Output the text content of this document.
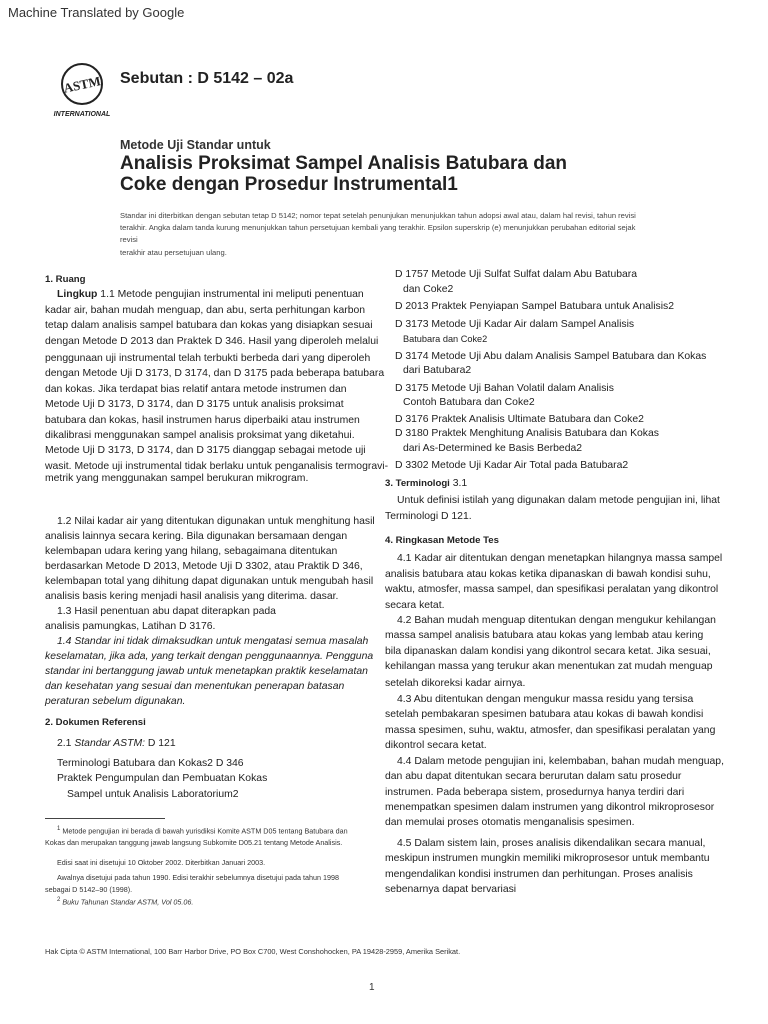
Machine Translated by Google
ASTM
INTERNATIONAL
Sebutan : D 5142 – 02a
Metode Uji Standar untuk
Analisis Proksimat Sampel Analisis Batubara dan
Coke dengan Prosedur Instrumental1
Standar ini diterbitkan dengan sebutan tetap D 5142; nomor tepat setelah penunjukan menunjukkan tahun adopsi awal atau, dalam hal revisi, tahun revisi
terakhir. Angka dalam tanda kurung menunjukkan tahun persetujuan kembali yang terakhir. Epsilon superskrip (e) menunjukkan perubahan editorial sejak revisi
terakhir atau persetujuan ulang.

1. Ruang

Lingkup 1.1 Metode pengujian instrumental ini meliputi penentuan

kadar air, bahan mudah menguap, dan abu, serta perhitungan karbon

tetap dalam analisis sampel batubara dan kokas yang disiapkan sesuai

dengan Metode D 2013 dan Praktek D 346. Hasil yang diperoleh melalui

penggunaan uji instrumental telah terbukti berbeda dari yang diperoleh

dengan Metode Uji D 3173, D 3174, dan D 3175 pada beberapa batubara

dan kokas. Jika terdapat bias relatif antara metode instrumen dan

Metode Uji D 3173, D 3174, dan D 3175 untuk analisis proksimat

batubara dan kokas, hasil instrumen harus diperbaiki atau instrumen

dikalibrasi menggunakan sampel analisis proksimat yang diketahui.

Metode Uji D 3173, D 3174, dan D 3175 dianggap sebagai metode uji

wasit. Metode uji instrumental tidak berlaku untuk penganalisis termogravi-

metrik yang menggunakan sampel berukuran mikrogram.

1.2 Nilai kadar air yang ditentukan digunakan untuk menghitung hasil

analisis lainnya secara kering. Bila digunakan bersamaan dengan

kelembapan udara kering yang hilang, sebagaimana ditentukan

berdasarkan Metode D 2013, Metode Uji D 3302, atau Praktik D 346,

kelembapan total yang dihitung dapat digunakan untuk mengubah hasil

analisis basis kering menjadi hasil analisis yang diterima. dasar.

1.3 Hasil penentuan abu dapat diterapkan pada

analisis pamungkas, Latihan D 3176.

1.4 Standar ini tidak dimaksudkan untuk mengatasi semua masalah

keselamatan, jika ada, yang terkait dengan penggunaannya. Pengguna

standar ini bertanggung jawab untuk menetapkan praktik keselamatan

dan kesehatan yang sesuai dan menentukan penerapan batasan

peraturan sebelum digunakan.

2. Dokumen Referensi

2.1 Standar ASTM: D 121

Terminologi Batubara dan Kokas2 D 346

Praktek Pengumpulan dan Pembuatan Kokas

Sampel untuk Analisis Laboratorium2

$^1$ Metode pengujian ini berada di bawah yurisdiksi Komite ASTM D05 tentang Batubara dan

Kokas dan merupakan tanggung jawab langsung Subkomite D05.21 tentang Metode Analisis.

Edisi saat ini disetujui 10 Oktober 2002. Diterbitkan Januari 2003.

Awalnya disetujui pada tahun 1990. Edisi terakhir sebelumnya disetujui pada tahun 1998

sebagai D 5142–90 (1998).

$^2$ Buku Tahunan Standar ASTM, Vol 05.06.

D 1757 Metode Uji Sulfat Sulfat dalam Abu Batubara

dan Coke2

D 2013 Praktek Penyiapan Sampel Batubara untuk Analisis2

D 3173 Metode Uji Kadar Air dalam Sampel Analisis

Batubara dan Coke2

D 3174 Metode Uji Abu dalam Analisis Sampel Batubara dan Kokas

dari Batubara2

D 3175 Metode Uji Bahan Volatil dalam Analisis

Contoh Batubara dan Coke2

D 3176 Praktek Analisis Ultimate Batubara dan Coke2

D 3180 Praktek Menghitung Analisis Batubara dan Kokas

dari As-Determined ke Basis Berbeda2

D 3302 Metode Uji Kadar Air Total pada Batubara2

3. Terminologi 3.1

Untuk definisi istilah yang digunakan dalam metode pengujian ini, lihat

Terminologi D 121.

4. Ringkasan Metode Tes

4.1 Kadar air ditentukan dengan menetapkan hilangnya massa sampel

analisis batubara atau kokas ketika dipanaskan di bawah kondisi suhu,

waktu, atmosfer, massa sampel, dan spesifikasi peralatan yang dikontrol

secara ketat.

4.2 Bahan mudah menguap ditentukan dengan mengukur kehilangan

massa sampel analisis batubara atau kokas yang lembab atau kering

bila dipanaskan dalam kondisi yang dikontrol secara ketat. Jika sesuai,

kehilangan massa yang terukur akan menentukan zat mudah menguap

setelah dikoreksi kadar airnya.

4.3 Abu ditentukan dengan mengukur massa residu yang tersisa

setelah pembakaran spesimen batubara atau kokas di bawah kondisi

massa spesimen, suhu, waktu, atmosfer, dan spesifikasi peralatan yang

dikontrol secara ketat.

4.4 Dalam metode pengujian ini, kelembaban, bahan mudah menguap,

dan abu dapat ditentukan secara berurutan dalam satu prosedur

instrumen. Pada beberapa sistem, prosedurnya hanya terdiri dari

menempatkan spesimen dalam instrumen yang dikontrol mikroprosesor

dan memulai proses otomatis menganalisis spesimen.

4.5 Dalam sistem lain, proses analisis dikendalikan secara manual,

meskipun instrumen mungkin memiliki mikroprosesor untuk membantu

mengendalikan kondisi instrumen dan perhitungan. Proses analisis

sebenarnya dapat bervariasi

Hak Cipta © ASTM International, 100 Barr Harbor Drive, PO Box C700, West Conshohocken, PA 19428-2959, Amerika Serikat.
1
